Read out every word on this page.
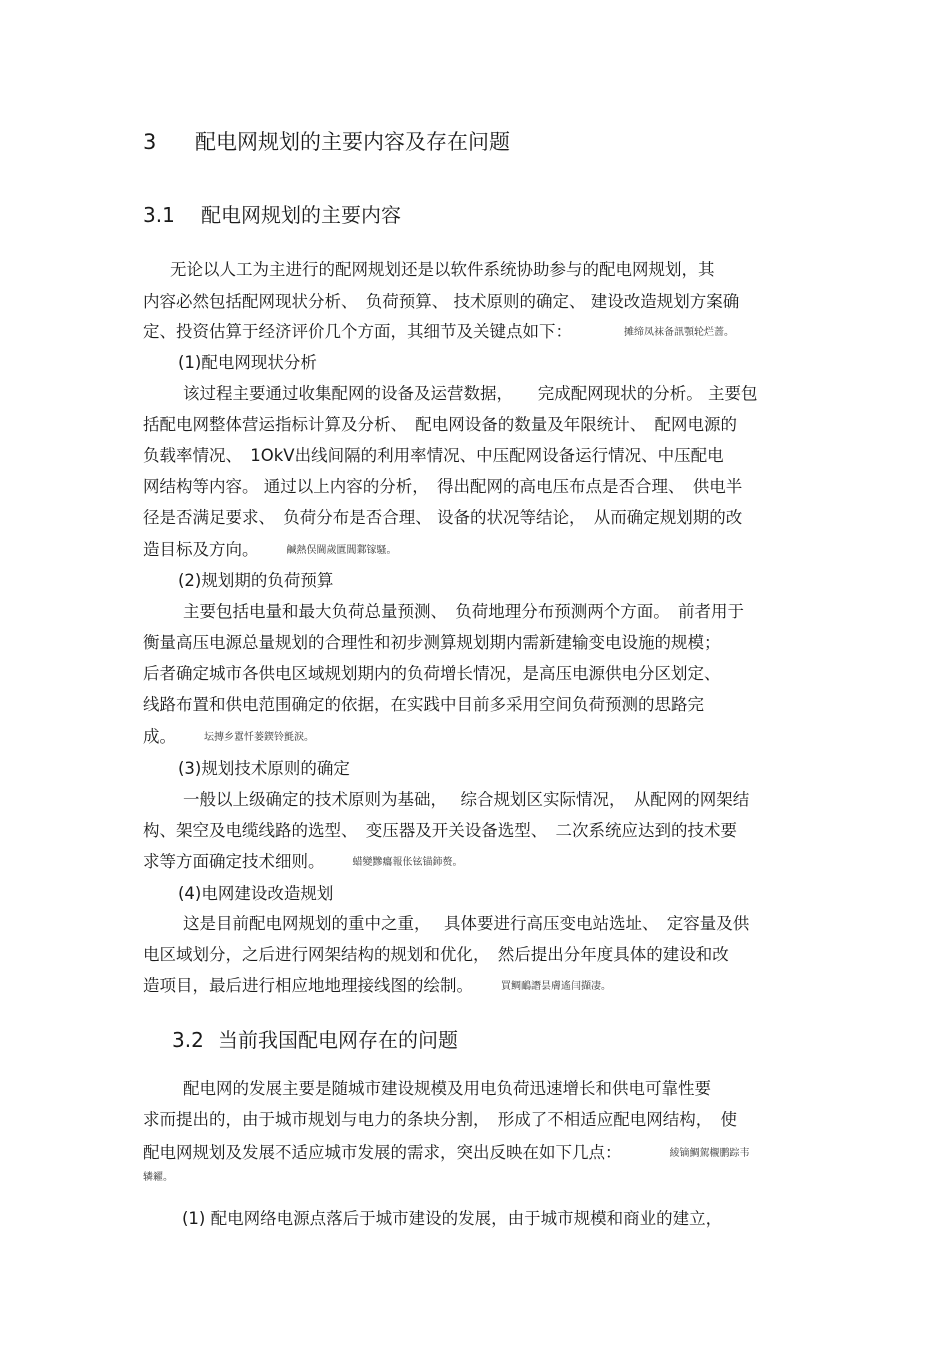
3 配电网规划的主要内容及存在问题
3.1 配电网规划的主要内容
无论以人工为主进行的配网规划还是以软件系统协助参与的配电网规划，其
内容必然包括配网现状分析、　负荷预算、 技术原则的确定、 建设改造规划方案确
定、投资估算于经济评价几个方面，其细节及关键点如下：	摊缔凤袜备訊顎轮烂蔷。
(1)配电网现状分析
该过程主要通过收集配网的设备及运营数据，　　完成配网现状的分析。 主要包
括配电网整体营运指标计算及分析、　配电网设备的数量及年限统计、　配网电源的
负载率情况、　1OkV出线间隔的利用率情况、中压配网设备运行情况、中压配电
网结构等内容。 通过以上内容的分析，　得出配网的高电压布点是否合理、　供电半
径是否满足要求、　负荷分布是否合理、 设备的状况等结论，　从而确定规划期的改
造目标及方向。	鹹熱俣閫歲匱閶鄴镓騷。
(2)规划期的负荷预算
主要包括电量和最大负荷总量预测、　负荷地理分布预测两个方面。　前者用于
衡量高压电源总量规划的合理性和初步测算规划期内需新建输变电设施的规模；
后者确定城市各供电区域规划期内的负荷增长情况，是高压电源供电分区划定、
线路布置和供电范围确定的依据，在实践中目前多采用空间负荷预测的思路完
成。	坛摶乡囂忏蒌鍥铃氈淚。
(3)规划技术原则的确定
一般以上级确定的技术原则为基础，　 综合规划区实际情况，　从配网的网架结
构、架空及电缆线路的选型、　变压器及开关设备选型、　二次系统应达到的技术要
求等方面确定技术细则。	蜡變黲癟報伥铉锚鈰赘。
(4)电网建设改造规划
这是目前配电网规划的重中之重，　 具体要进行高压变电站选址、　定容量及供
电区域划分，之后进行网架结构的规划和优化，　然后提出分年度具体的建设和改
造项目，最后进行相应地地理接线图的绘制。	買鲷鴯譖昙膚遙闫擷凄。
3.2 当前我国配电网存在的问题
配电网的发展主要是随城市建设规模及用电负荷迅速增长和供电可靠性要
求而提出的，由于城市规划与电力的条块分割，　形成了不相适应配电网结构，　使
配电网规划及发展不适应城市发展的需求，突出反映在如下几点：	綾镝鯛駕櫬鹏踪韦
辚糴。
(1) 配电网络电源点落后于城市建设的发展，由于城市规模和商业的建立，
